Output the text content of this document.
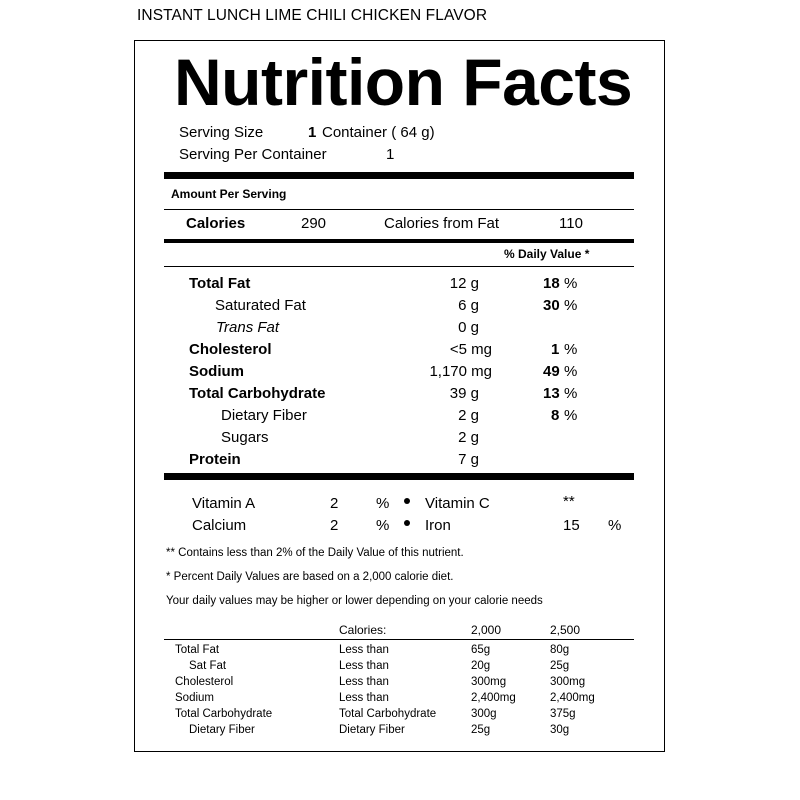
INSTANT LUNCH LIME CHILI CHICKEN FLAVOR
Nutrition Facts
Serving Size	1 Container ( 64 g)
Serving Per Container	1
Amount Per Serving
Calories	290	Calories from Fat	110
% Daily Value *
Total Fat	12 g	18 %
Saturated Fat	6 g	30 %
Trans Fat	0 g
Cholesterol	<5 mg	1 %
Sodium	1,170 mg	49 %
Total Carbohydrate	39 g	13 %
Dietary Fiber	2 g	8 %
Sugars	2 g
Protein	7 g
Vitamin A	2	% Vitamin C	**
Calcium	2	% Iron	15 %
** Contains less than 2% of the Daily Value of this nutrient.
* Percent Daily Values are based on a 2,000 calorie diet.
Your daily values may be higher or lower depending on your calorie needs
Calories:	2,000	2,500
Total Fat	Less than	65g	80g
Sat Fat	Less than	20g	25g
Cholesterol	Less than	300mg	300mg
Sodium	Less than	2,400mg	2,400mg
Total Carbohydrate	Total Carbohydrate	300g	375g
Dietary Fiber	Dietary Fiber	25g	30g
